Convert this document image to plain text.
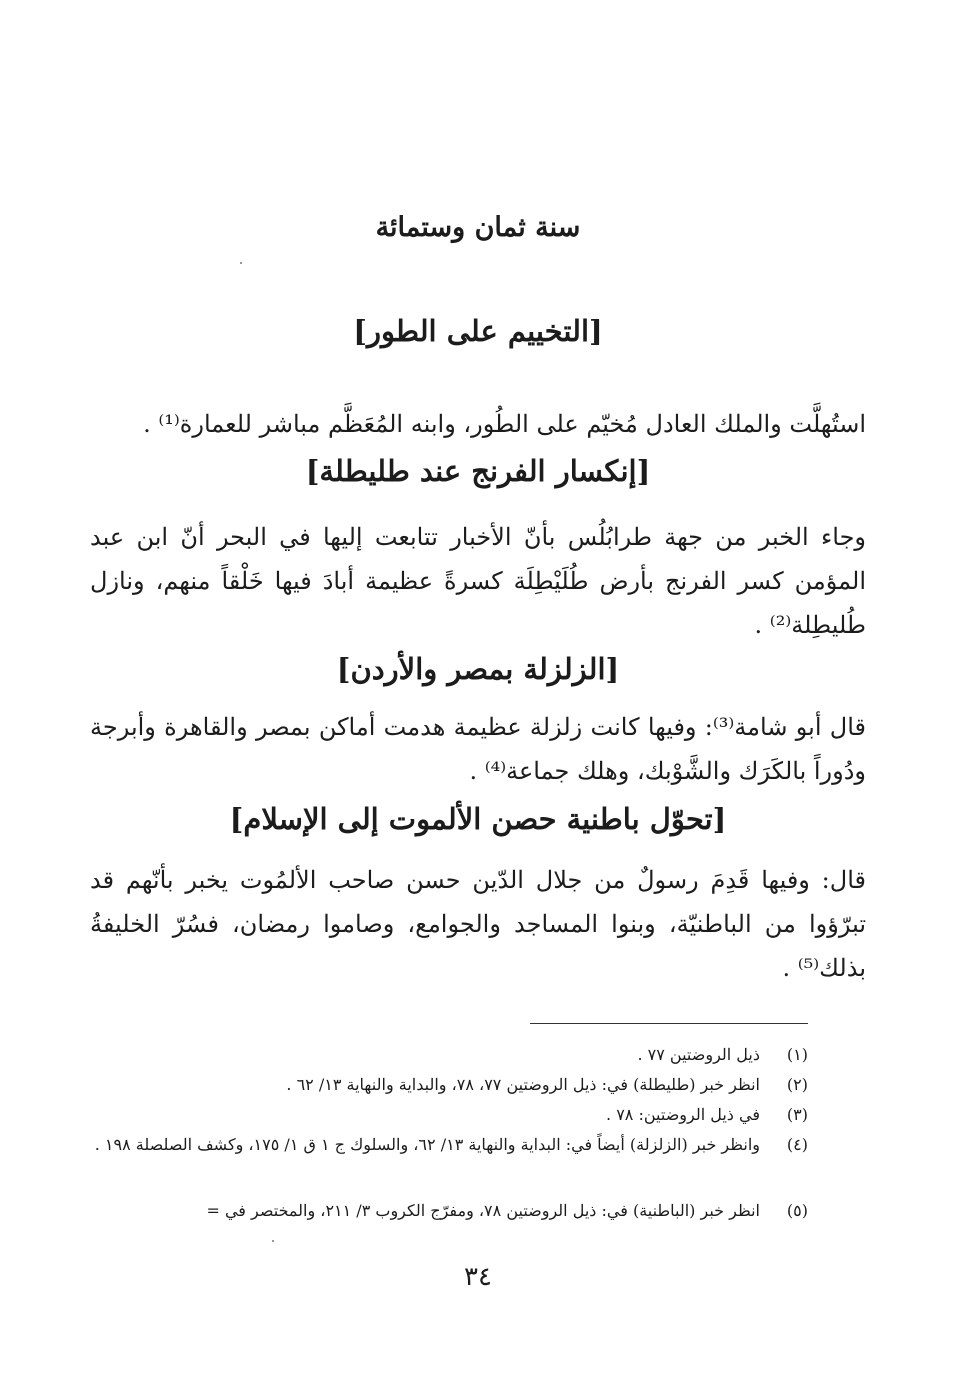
سنة ثمان وستمائة
[التخييم على الطور]
استُهلَّت والملك العادل مُخيّم على الطُور، وابنه المُعَظَّم مباشر للعمارة⁽¹⁾ .
[إنكسار الفرنج عند طليطلة]
وجاء الخبر من جهة طرابُلُس بأنّ الأخبار تتابعت إليها في البحر أنّ ابن عبد المؤمن كسر الفرنج بأرض طُلَيْطِلَة كسرةً عظيمة أبادَ فيها خَلْقاً منهم، ونازل طُليطِلة⁽²⁾ .
[الزلزلة بمصر والأردن]
قال أبو شامة⁽³⁾: وفيها كانت زلزلة عظيمة هدمت أماكن بمصر والقاهرة وأبرجة ودُوراً بالكَرَك والشَّوْبك، وهلك جماعة⁽⁴⁾ .
[تحوّل باطنية حصن الألموت إلى الإسلام]
قال: وفيها قَدِمَ رسولٌ من جلال الدّين حسن صاحب الألمُوت يخبر بأنّهم قد تبرّؤوا من الباطنيّة، وبنوا المساجد والجوامع، وصاموا رمضان، فسُرّ الخليفةُ بذلك⁽⁵⁾ .
(١)
ذيل الروضتين ٧٧ .
(٢)
انظر خبر (طليطلة) في: ذيل الروضتين ٧٧، ٧٨، والبداية والنهاية ١٣/ ٦٢ .
(٣)
في ذيل الروضتين: ٧٨ .
(٤)
وانظر خبر (الزلزلة) أيضاً في: البداية والنهاية ١٣/ ٦٢، والسلوك ج ١ ق ١/ ١٧٥، وكشف الصلصلة ١٩٨ .
(٥)
انظر خبر (الباطنية) في: ذيل الروضتين ٧٨، ومفرّج الكروب ٣/ ٢١١، والمختصر في =
٣٤
